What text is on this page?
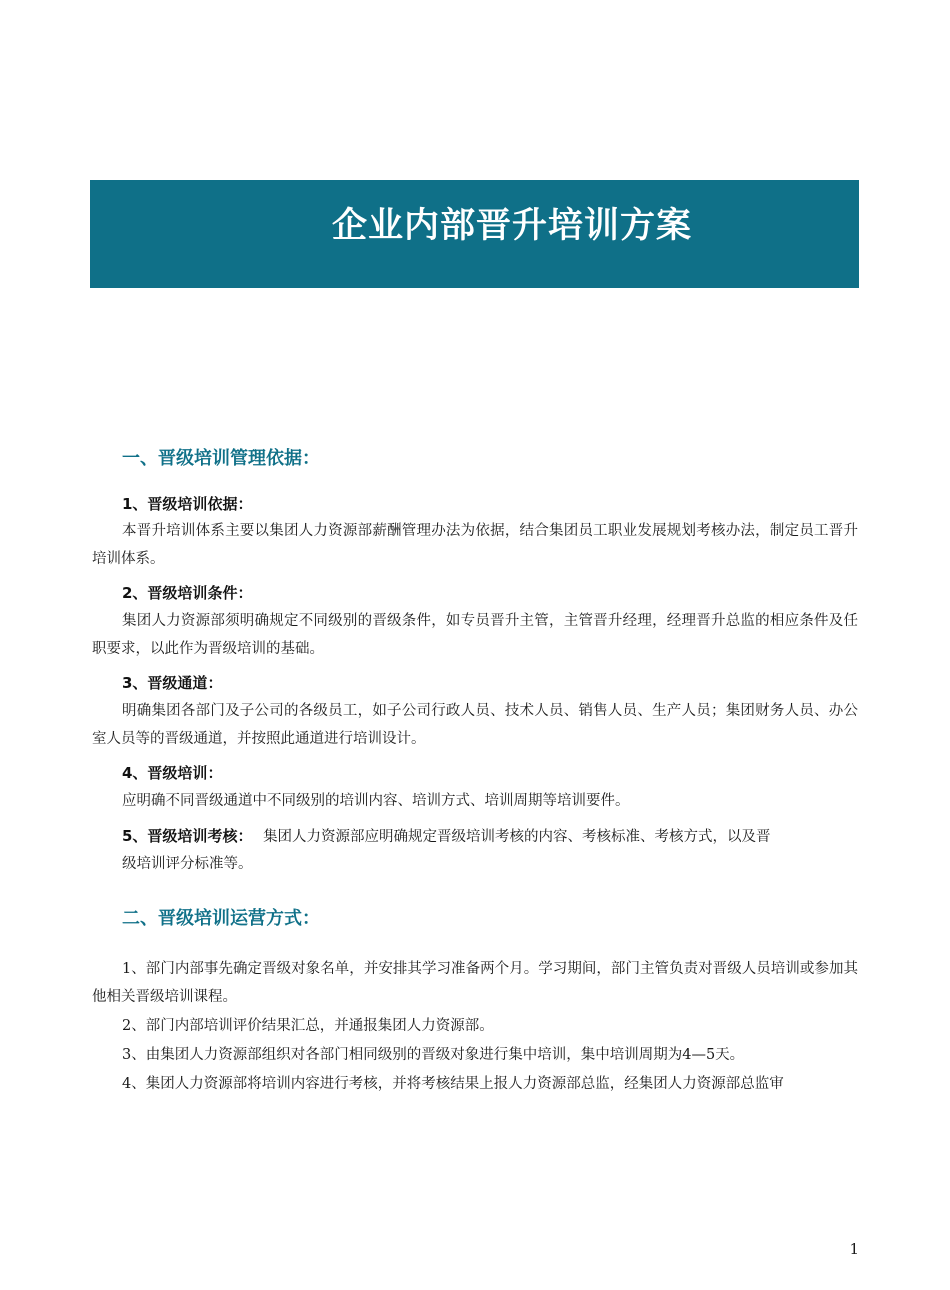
企业内部晋升培训方案
一、晋级培训管理依据：
1、晋级培训依据：
本晋升培训体系主要以集团人力资源部薪酬管理办法为依据，结合集团员工职业发展规划考核办法，制定员工晋升培训体系。
2、晋级培训条件：
集团人力资源部须明确规定不同级别的晋级条件，如专员晋升主管，主管晋升经理，经理晋升总监的相应条件及任职要求，以此作为晋级培训的基础。
3、晋级通道：
明确集团各部门及子公司的各级员工，如子公司行政人员、技术人员、销售人员、生产人员；集团财务人员、办公室人员等的晋级通道，并按照此通道进行培训设计。
4、晋级培训：
应明确不同晋级通道中不同级别的培训内容、培训方式、培训周期等培训要件。
5、晋级培训考核： 集团人力资源部应明确规定晋级培训考核的内容、考核标准、考核方式，以及晋
级培训评分标准等。
二、晋级培训运营方式：
1、部门内部事先确定晋级对象名单，并安排其学习准备两个月。学习期间，部门主管负责对晋级人员培训或参加其他相关晋级培训课程。
2、部门内部培训评价结果汇总，并通报集团人力资源部。
3、由集团人力资源部组织对各部门相同级别的晋级对象进行集中培训，集中培训周期为4—5天。
4、集团人力资源部将培训内容进行考核，并将考核结果上报人力资源部总监，经集团人力资源部总监审
1
